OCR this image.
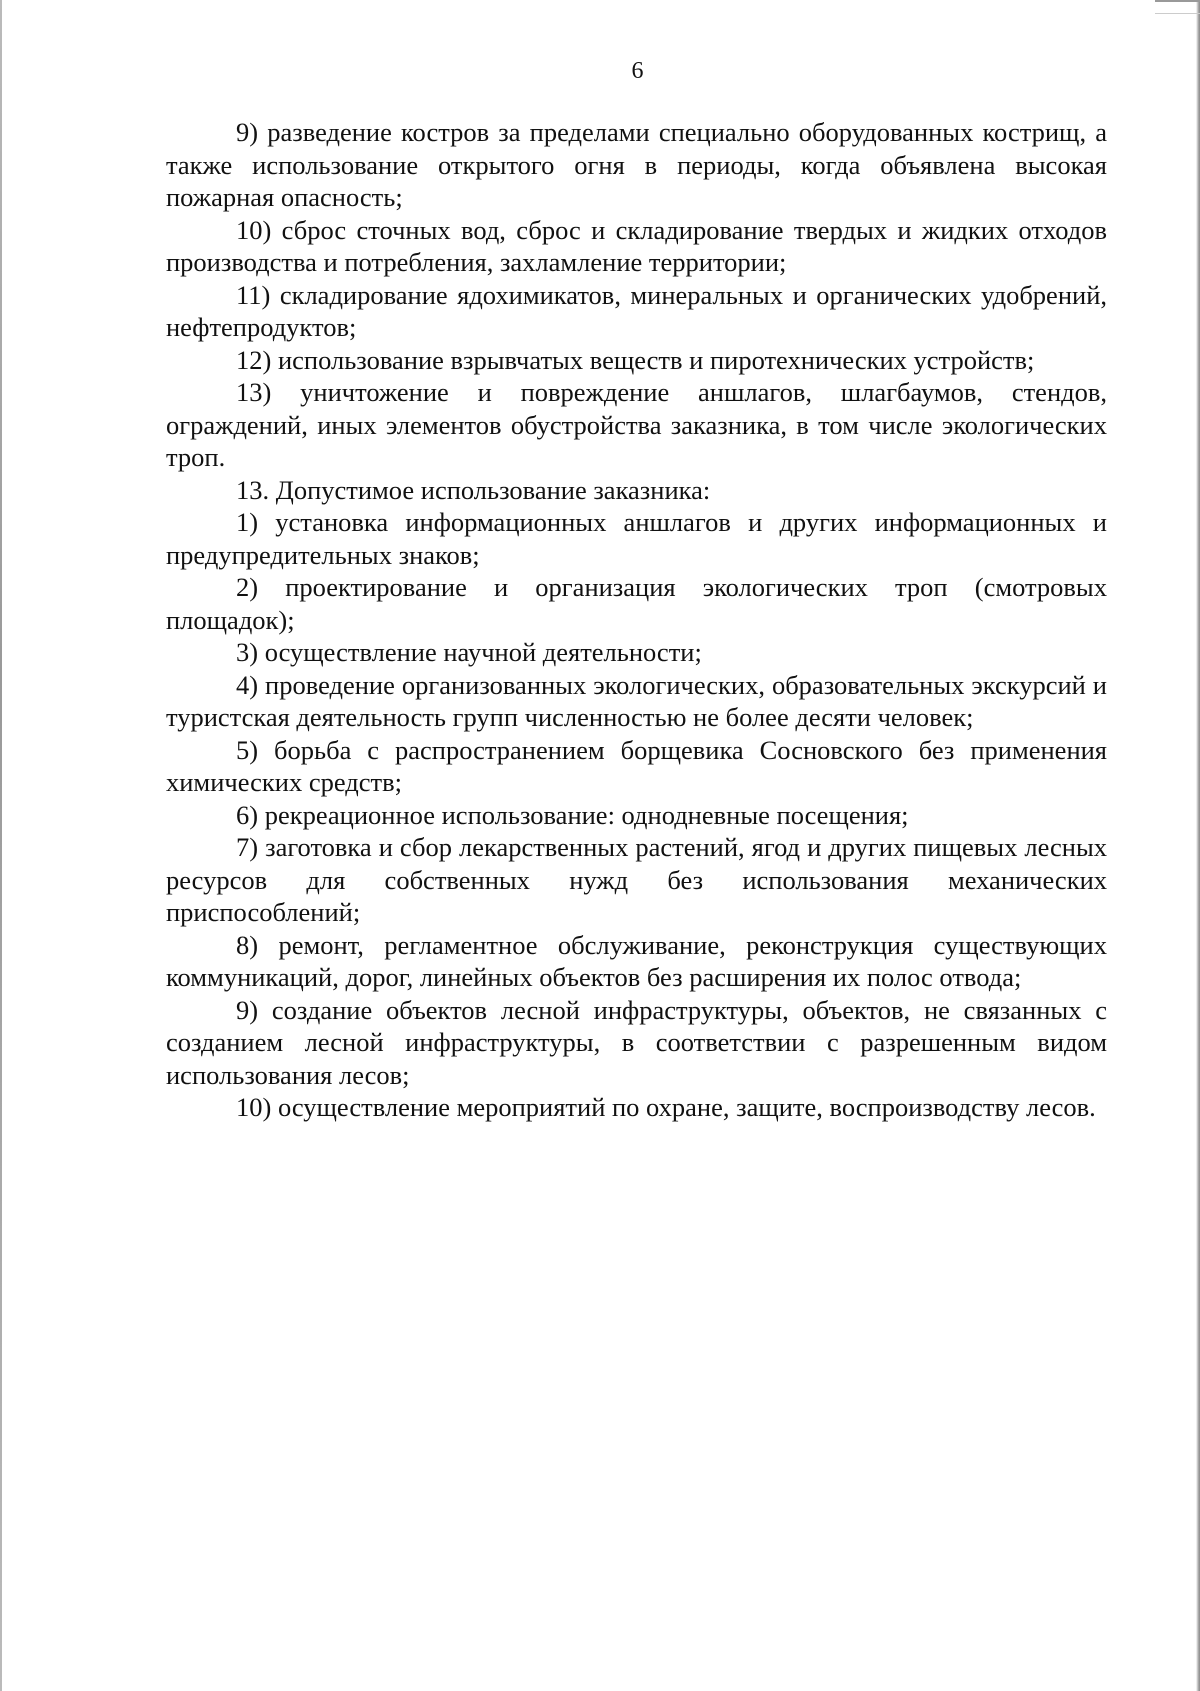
6

9) разведение костров за пределами специально оборудованных кострищ, а также использование открытого огня в периоды, когда объявлена высокая пожарная опасность;

10) сброс сточных вод, сброс и складирование твердых и жидких отходов производства и потребления, захламление территории;

11) складирование ядохимикатов, минеральных и органических удобрений, нефтепродуктов;

12) использование взрывчатых веществ и пиротехнических устройств;

13) уничтожение и повреждение аншлагов, шлагбаумов, стендов, ограждений, иных элементов обустройства заказника, в том числе экологических троп.

13. Допустимое использование заказника:

1) установка информационных аншлагов и других информационных и предупредительных знаков;

2) проектирование и организация экологических троп (смотровых площадок);

3) осуществление научной деятельности;

4) проведение организованных экологических, образовательных экскурсий и туристская деятельность групп численностью не более десяти человек;

5) борьба с распространением борщевика Сосновского без применения химических средств;

6) рекреационное использование: однодневные посещения;

7) заготовка и сбор лекарственных растений, ягод и других пищевых лесных ресурсов для собственных нужд без использования механических приспособлений;

8) ремонт, регламентное обслуживание, реконструкция существующих коммуникаций, дорог, линейных объектов без расширения их полос отвода;

9) создание объектов лесной инфраструктуры, объектов, не связанных с созданием лесной инфраструктуры, в соответствии с разрешенным видом использования лесов;

10) осуществление мероприятий по охране, защите, воспроизводству лесов.
